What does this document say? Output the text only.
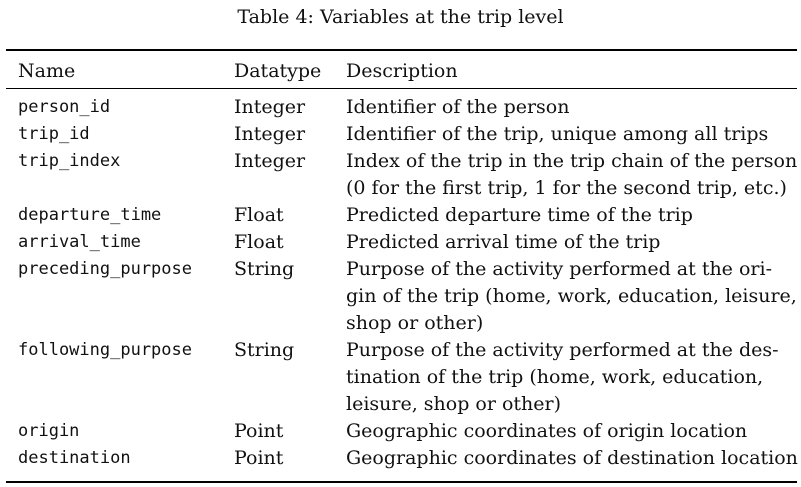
Table 4: Variables at the trip level
Name	Datatype Description
person_id	Integer Identifier of the person
trip_id	Integer Identifier of the trip, unique among all trips
trip_index	Integer Index of the trip in the trip chain of the person
(0 for the first trip, 1 for the second trip, etc.)
departure_time	Float	Predicted departure time of the trip
arrival_time	Float	Predicted arrival time of the trip
preceding_purpose String	Purpose of the activity performed at the ori-
gin of the trip (home, work, education, leisure,
shop or other)
following_purpose String	Purpose of the activity performed at the des-
tination of the trip (home, work, education,
leisure, shop or other)
origin	Point	Geographic coordinates of origin location
destination	Point	Geographic coordinates of destination location
